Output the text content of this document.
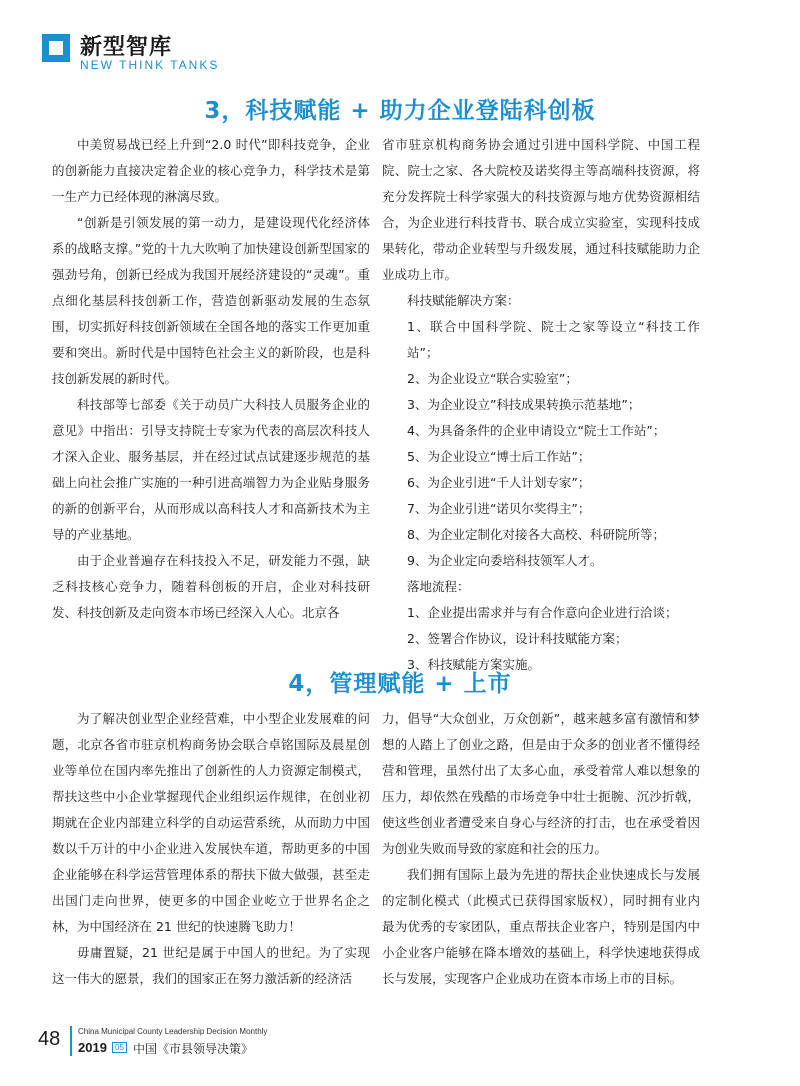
新型智库
NEW THINK TANKS
3，科技赋能 + 助力企业登陆科创板

中美贸易战已经上升到“2.0 时代”即科技竞争，企业的创新能力直接决定着企业的核心竞争力，科学技术是第一生产力已经体现的淋漓尽致。

“创新是引领发展的第一动力，是建设现代化经济体系的战略支撑。”党的十九大吹响了加快建设创新型国家的强劲号角，创新已经成为我国开展经济建设的“灵魂”。重点细化基层科技创新工作，营造创新驱动发展的生态氛围，切实抓好科技创新领域在全国各地的落实工作更加重要和突出。新时代是中国特色社会主义的新阶段，也是科技创新发展的新时代。

科技部等七部委《关于动员广大科技人员服务企业的意见》中指出：引导支持院士专家为代表的高层次科技人才深入企业、服务基层，并在经过试点试建逐步规范的基础上向社会推广实施的一种引进高端智力为企业贴身服务的新的创新平台，从而形成以高科技人才和高新技术为主导的产业基地。

由于企业普遍存在科技投入不足，研发能力不强，缺乏科技核心竞争力，随着科创板的开启，企业对科技研发、科技创新及走向资本市场已经深入人心。北京各

省市驻京机构商务协会通过引进中国科学院、中国工程院、院士之家、各大院校及诺奖得主等高端科技资源，将充分发挥院士科学家强大的科技资源与地方优势资源相结合，为企业进行科技背书、联合成立实验室，实现科技成果转化，带动企业转型与升级发展，通过科技赋能助力企业成功上市。

科技赋能解决方案：

1、联合中国科学院、院士之家等设立“科技工作站”；

2、为企业设立“联合实验室”；

3、为企业设立”科技成果转换示范基地”；

4、为具备条件的企业申请设立“院士工作站”；

5、为企业设立“博士后工作站”；

6、为企业引进“千人计划专家”；

7、为企业引进“诺贝尔奖得主”；

8、为企业定制化对接各大高校、科研院所等；

9、为企业定向委培科技领军人才。

落地流程：

1、企业提出需求并与有合作意向企业进行洽谈；

2、签署合作协议，设计科技赋能方案；

3、科技赋能方案实施。

4，管理赋能 + 上市

为了解决创业型企业经营难，中小型企业发展难的问题，北京各省市驻京机构商务协会联合卓铭国际及晨星创业等单位在国内率先推出了创新性的人力资源定制模式，帮扶这些中小企业掌握现代企业组织运作规律，在创业初期就在企业内部建立科学的自动运营系统，从而助力中国数以千万计的中小企业进入发展快车道，帮助更多的中国企业能够在科学运营管理体系的帮扶下做大做强，甚至走出国门走向世界，使更多的中国企业屹立于世界名企之林，为中国经济在 21 世纪的快速腾飞助力！

毋庸置疑，21 世纪是属于中国人的世纪。为了实现这一伟大的愿景，我们的国家正在努力激活新的经济活

力，倡导“大众创业，万众创新”，越来越多富有激情和梦想的人踏上了创业之路，但是由于众多的创业者不懂得经营和管理，虽然付出了太多心血，承受着常人难以想象的压力，却依然在残酷的市场竞争中壮士扼腕、沉沙折戟，使这些创业者遭受来自身心与经济的打击，也在承受着因为创业失败而导致的家庭和社会的压力。

我们拥有国际上最为先进的帮扶企业快速成长与发展的定制化模式（此模式已获得国家版权），同时拥有业内最为优秀的专家团队，重点帮扶企业客户，特别是国内中小企业客户能够在降本增效的基础上，科学快速地获得成长与发展，实现客户企业成功在资本市场上市的目标。

48 China Municipal County Leadership Decision Monthly
2019	05 中国《市县领导决策》
